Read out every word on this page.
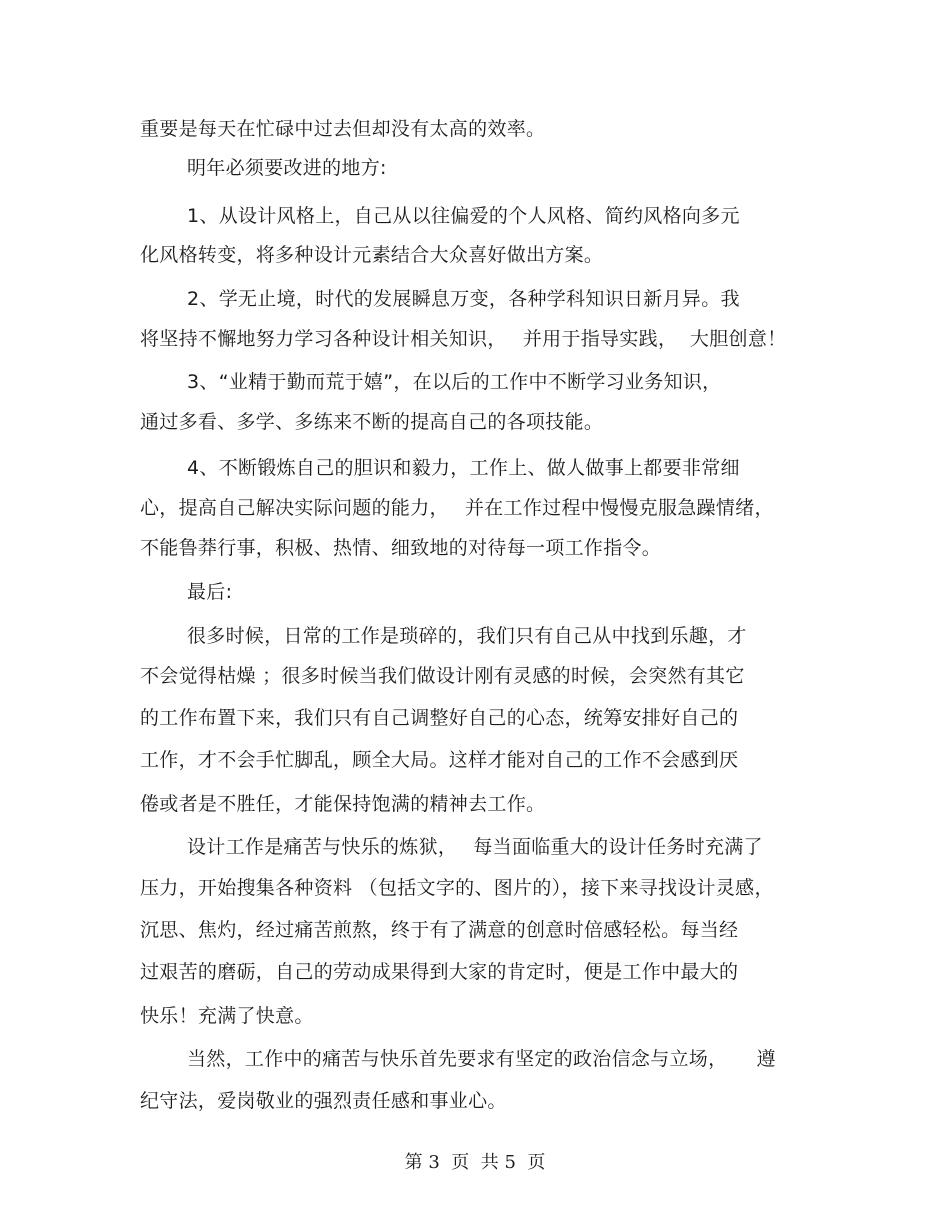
重要是每天在忙碌中过去但却没有太高的效率。
明年必须要改进的地方:
1、从设计风格上，自己从以往偏爱的个人风格、简约风格向多元
化风格转变，将多种设计元素结合大众喜好做出方案。
2、学无止境，时代的发展瞬息万变，各种学科知识日新月异。我
将坚持不懈地努力学习各种设计相关知识，　 并用于指导实践，  大胆创意！
3、“业精于勤而荒于嬉”，在以后的工作中不断学习业务知识，
通过多看、多学、多练来不断的提高自己的各项技能。
4、不断锻炼自己的胆识和毅力，工作上、做人做事上都要非常细
心，提高自己解决实际问题的能力，　 并在工作过程中慢慢克服急躁情绪，
不能鲁莽行事，积极、热情、细致地的对待每一项工作指令。
最后:
很多时候，日常的工作是琐碎的，我们只有自己从中找到乐趣，才
不会觉得枯燥 ；很多时候当我们做设计刚有灵感的时候，会突然有其它
的工作布置下来，我们只有自己调整好自己的心态，统筹安排好自己的
工作，才不会手忙脚乱，顾全大局。这样才能对自己的工作不会感到厌
倦或者是不胜任，才能保持饱满的精神去工作。
设计工作是痛苦与快乐的炼狱，　 每当面临重大的设计任务时充满了
压力，开始搜集各种资料 （包括文字的、图片的），接下来寻找设计灵感，
沉思、焦灼，经过痛苦煎熬，终于有了满意的创意时倍感轻松。每当经
过艰苦的磨砺，自己的劳动成果得到大家的肯定时，便是工作中最大的
快乐！充满了快意。
当然，工作中的痛苦与快乐首先要求有坚定的政治信念与立场，　　遵
纪守法，爱岗敬业的强烈责任感和事业心。
第 3  页  共 5  页
